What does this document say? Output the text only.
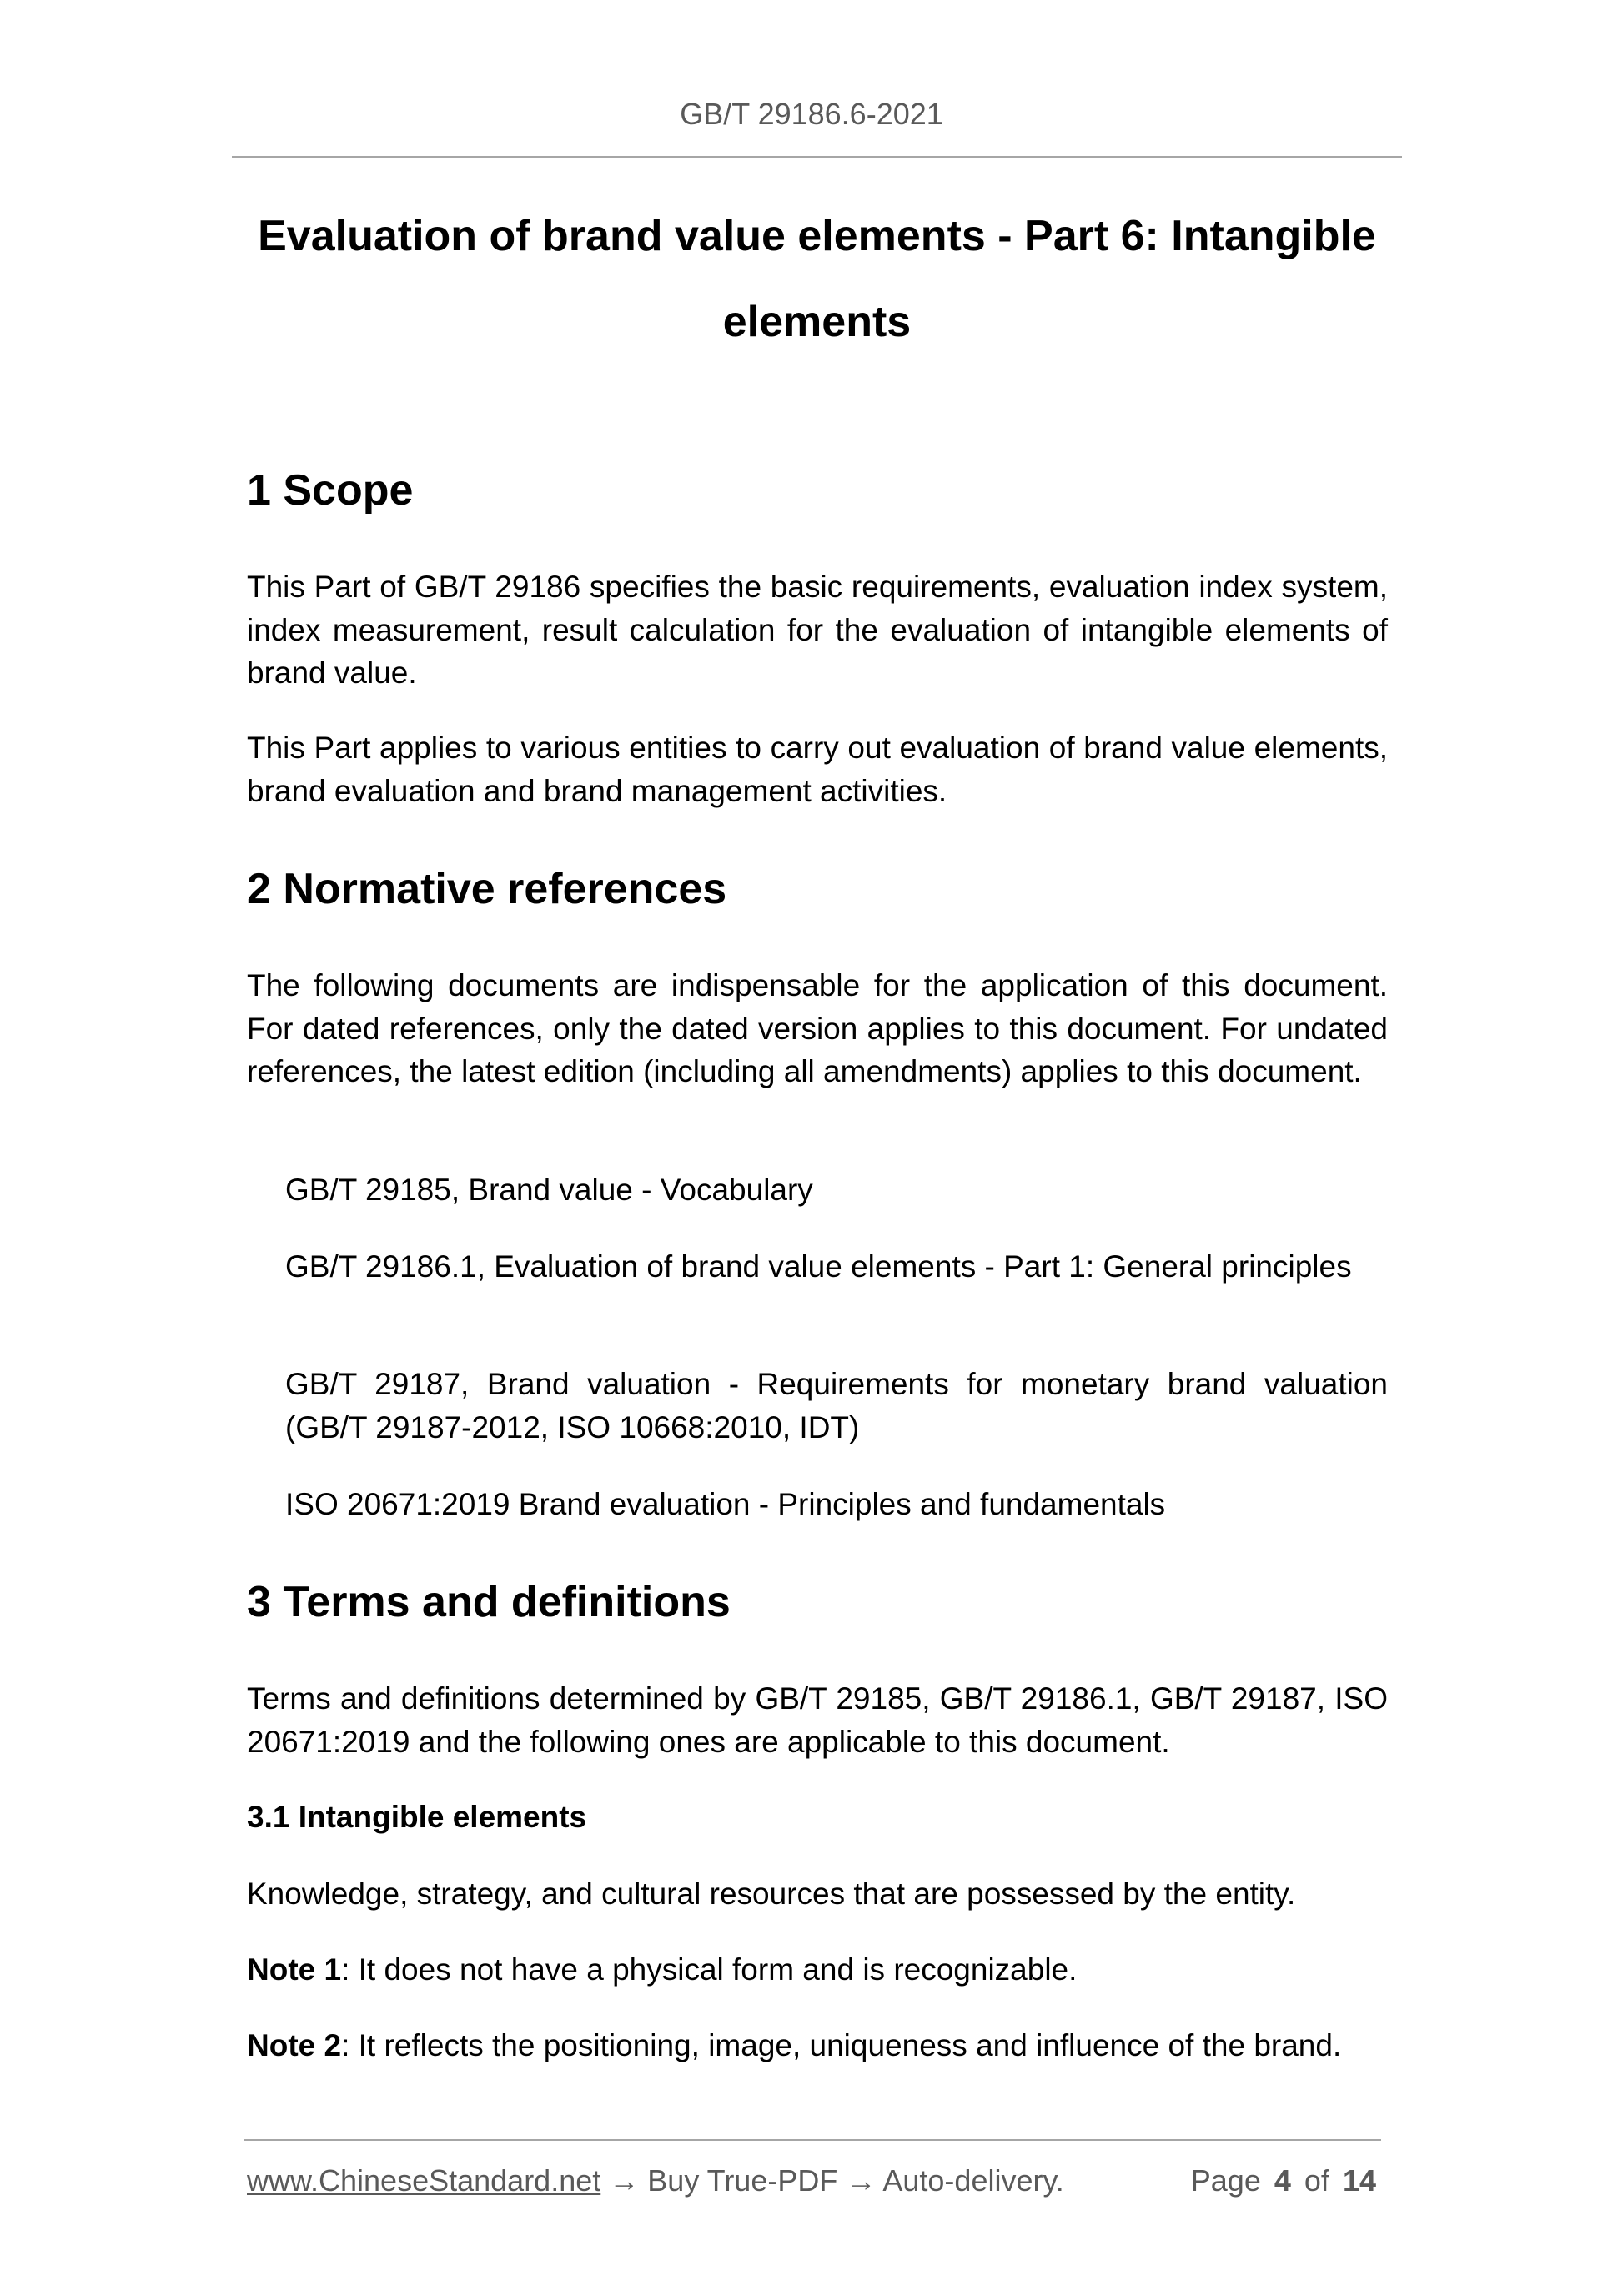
GB/T 29186.6-2021
Evaluation of brand value elements - Part 6: Intangible
elements
1 Scope
This Part of GB/T 29186 specifies the basic requirements, evaluation index system, index measurement, result calculation for the evaluation of intangible elements of brand value.
This Part applies to various entities to carry out evaluation of brand value elements, brand evaluation and brand management activities.
2 Normative references
The following documents are indispensable for the application of this document. For dated references, only the dated version applies to this document. For undated references, the latest edition (including all amendments) applies to this document.
GB/T 29185, Brand value - Vocabulary
GB/T 29186.1, Evaluation of brand value elements - Part 1: General principles
GB/T 29187, Brand valuation - Requirements for monetary brand valuation (GB/T 29187-2012, ISO 10668:2010, IDT)
ISO 20671:2019 Brand evaluation - Principles and fundamentals
3 Terms and definitions
Terms and definitions determined by GB/T 29185, GB/T 29186.1, GB/T 29187, ISO 20671:2019 and the following ones are applicable to this document.
3.1 Intangible elements
Knowledge, strategy, and cultural resources that are possessed by the entity.
Note 1: It does not have a physical form and is recognizable.
Note 2: It reflects the positioning, image, uniqueness and influence of the brand.
www.ChineseStandard.net → Buy True-PDF → Auto-delivery.	Page 4 of 14
